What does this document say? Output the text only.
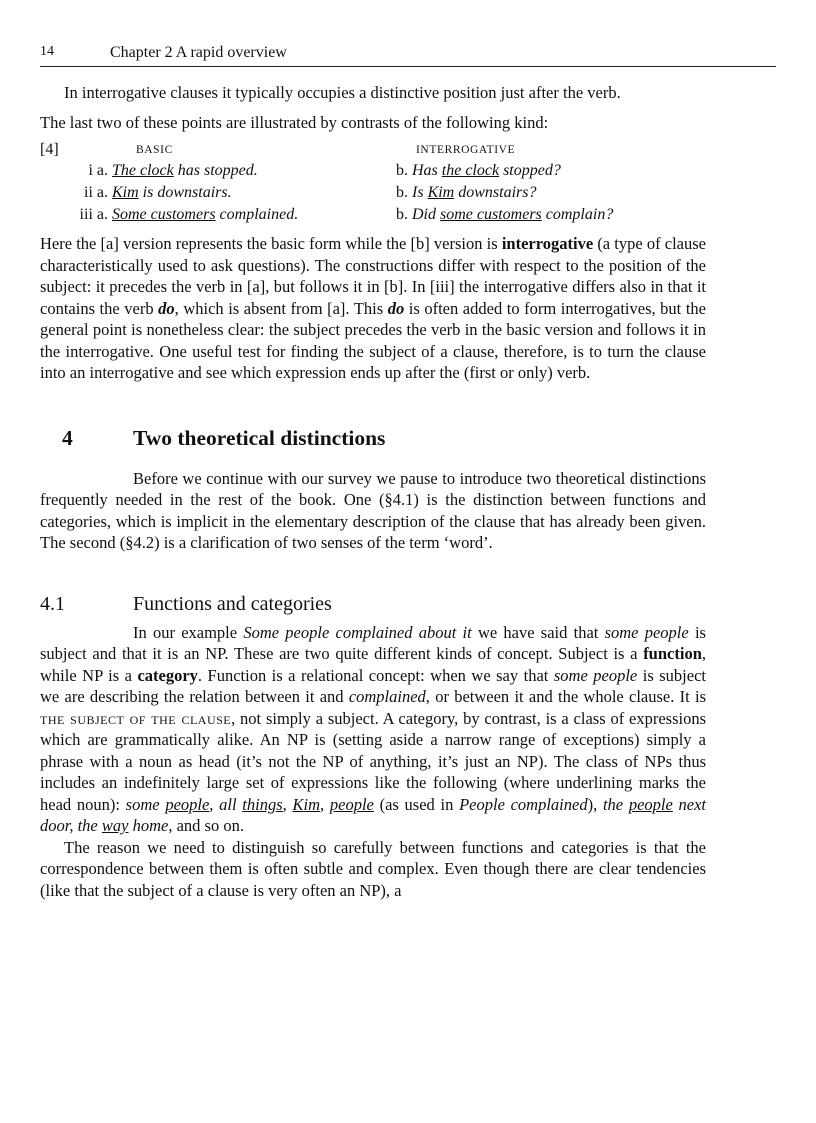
14	Chapter 2 A rapid overview

In interrogative clauses it typically occupies a distinctive position just after the verb.

The last two of these points are illustrated by contrasts of the following kind:

[4]	BASIC	INTERROGATIVE
i a. The clock has stopped.	b. Has the clock stopped?
ii a. Kim is downstairs.	b. Is Kim downstairs?
iii a. Some customers complained.	b. Did some customers complain?

Here the [a] version represents the basic form while the [b] version is interrogative (a type of clause characteristically used to ask questions). The constructions differ with respect to the position of the subject: it precedes the verb in [a], but follows it in [b]. In [iii] the interrogative differs also in that it contains the verb do, which is absent from [a]. This do is often added to form interrogatives, but the general point is nonetheless clear: the subject precedes the verb in the basic version and follows it in the interrogative. One useful test for finding the subject of a clause, therefore, is to turn the clause into an interrogative and see which expression ends up after the (first or only) verb.

4	Two theoretical distinctions

Before we continue with our survey we pause to introduce two theoretical distinctions frequently needed in the rest of the book. One (§4.1) is the distinction between functions and categories, which is implicit in the elementary description of the clause that has already been given. The second (§4.2) is a clarification of two senses of the term ‘word’.

4.1	Functions and categories

In our example Some people complained about it we have said that some people is subject and that it is an NP. These are two quite different kinds of concept. Subject is a function, while NP is a category. Function is a relational concept: when we say that some people is subject we are describing the relation between it and complained, or between it and the whole clause. It is the subject of the clause, not simply a subject. A category, by contrast, is a class of expressions which are grammatically alike. An NP is (setting aside a narrow range of exceptions) simply a phrase with a noun as head (it’s not the NP of anything, it’s just an NP). The class of NPs thus includes an indefinitely large set of expressions like the following (where underlining marks the head noun): some people, all things, Kim, people (as used in People complained), the people next door, the way home, and so on.

The reason we need to distinguish so carefully between functions and categories is that the correspondence between them is often subtle and complex. Even though there are clear tendencies (like that the subject of a clause is very often an NP), a
